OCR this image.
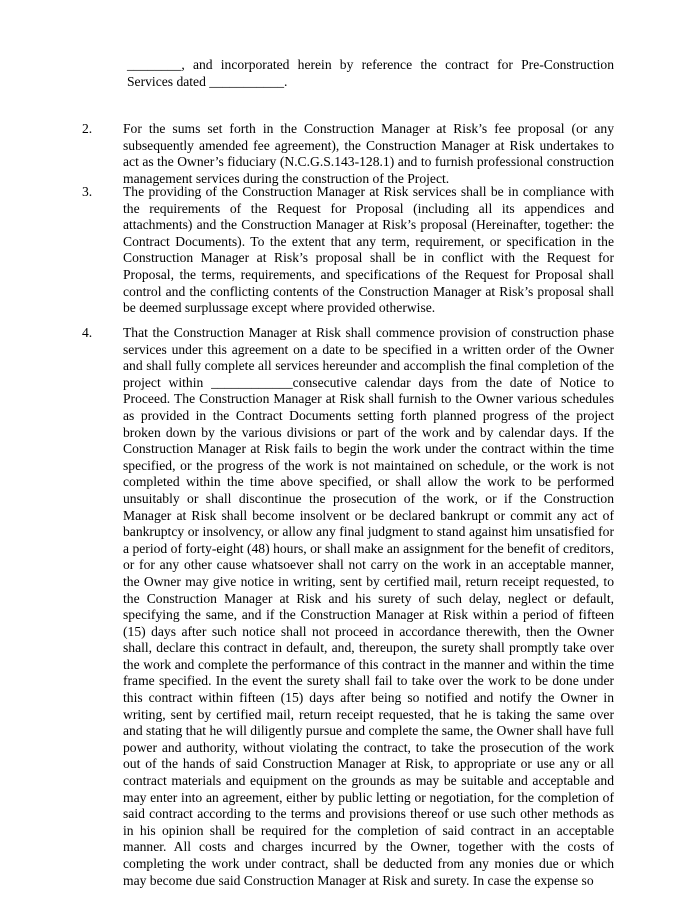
________, and incorporated herein by reference the contract for Pre-Construction Services dated ___________.
2. For the sums set forth in the Construction Manager at Risk’s fee proposal (or any subsequently amended fee agreement), the Construction Manager at Risk undertakes to act as the Owner’s fiduciary (N.C.G.S.143-128.1) and to furnish professional construction management services during the construction of the Project.
3. The providing of the Construction Manager at Risk services shall be in compliance with the requirements of the Request for Proposal (including all its appendices and attachments) and the Construction Manager at Risk’s proposal (Hereinafter, together: the Contract Documents). To the extent that any term, requirement, or specification in the Construction Manager at Risk’s proposal shall be in conflict with the Request for Proposal, the terms, requirements, and specifications of the Request for Proposal shall control and the conflicting contents of the Construction Manager at Risk’s proposal shall be deemed surplussage except where provided otherwise.
4. That the Construction Manager at Risk shall commence provision of construction phase services under this agreement on a date to be specified in a written order of the Owner and shall fully complete all services hereunder and accomplish the final completion of the project within ____________consecutive calendar days from the date of Notice to Proceed. The Construction Manager at Risk shall furnish to the Owner various schedules as provided in the Contract Documents setting forth planned progress of the project broken down by the various divisions or part of the work and by calendar days. If the Construction Manager at Risk fails to begin the work under the contract within the time specified, or the progress of the work is not maintained on schedule, or the work is not completed within the time above specified, or shall allow the work to be performed unsuitably or shall discontinue the prosecution of the work, or if the Construction Manager at Risk shall become insolvent or be declared bankrupt or commit any act of bankruptcy or insolvency, or allow any final judgment to stand against him unsatisfied for a period of forty-eight (48) hours, or shall make an assignment for the benefit of creditors, or for any other cause whatsoever shall not carry on the work in an acceptable manner, the Owner may give notice in writing, sent by certified mail, return receipt requested, to the Construction Manager at Risk and his surety of such delay, neglect or default, specifying the same, and if the Construction Manager at Risk within a period of fifteen (15) days after such notice shall not proceed in accordance therewith, then the Owner shall, declare this contract in default, and, thereupon, the surety shall promptly take over the work and complete the performance of this contract in the manner and within the time frame specified. In the event the surety shall fail to take over the work to be done under this contract within fifteen (15) days after being so notified and notify the Owner in writing, sent by certified mail, return receipt requested, that he is taking the same over and stating that he will diligently pursue and complete the same, the Owner shall have full power and authority, without violating the contract, to take the prosecution of the work out of the hands of said Construction Manager at Risk, to appropriate or use any or all contract materials and equipment on the grounds as may be suitable and acceptable and may enter into an agreement, either by public letting or negotiation, for the completion of said contract according to the terms and provisions thereof or use such other methods as in his opinion shall be required for the completion of said contract in an acceptable manner. All costs and charges incurred by the Owner, together with the costs of completing the work under contract, shall be deducted from any monies due or which may become due said Construction Manager at Risk and surety. In case the expense so
